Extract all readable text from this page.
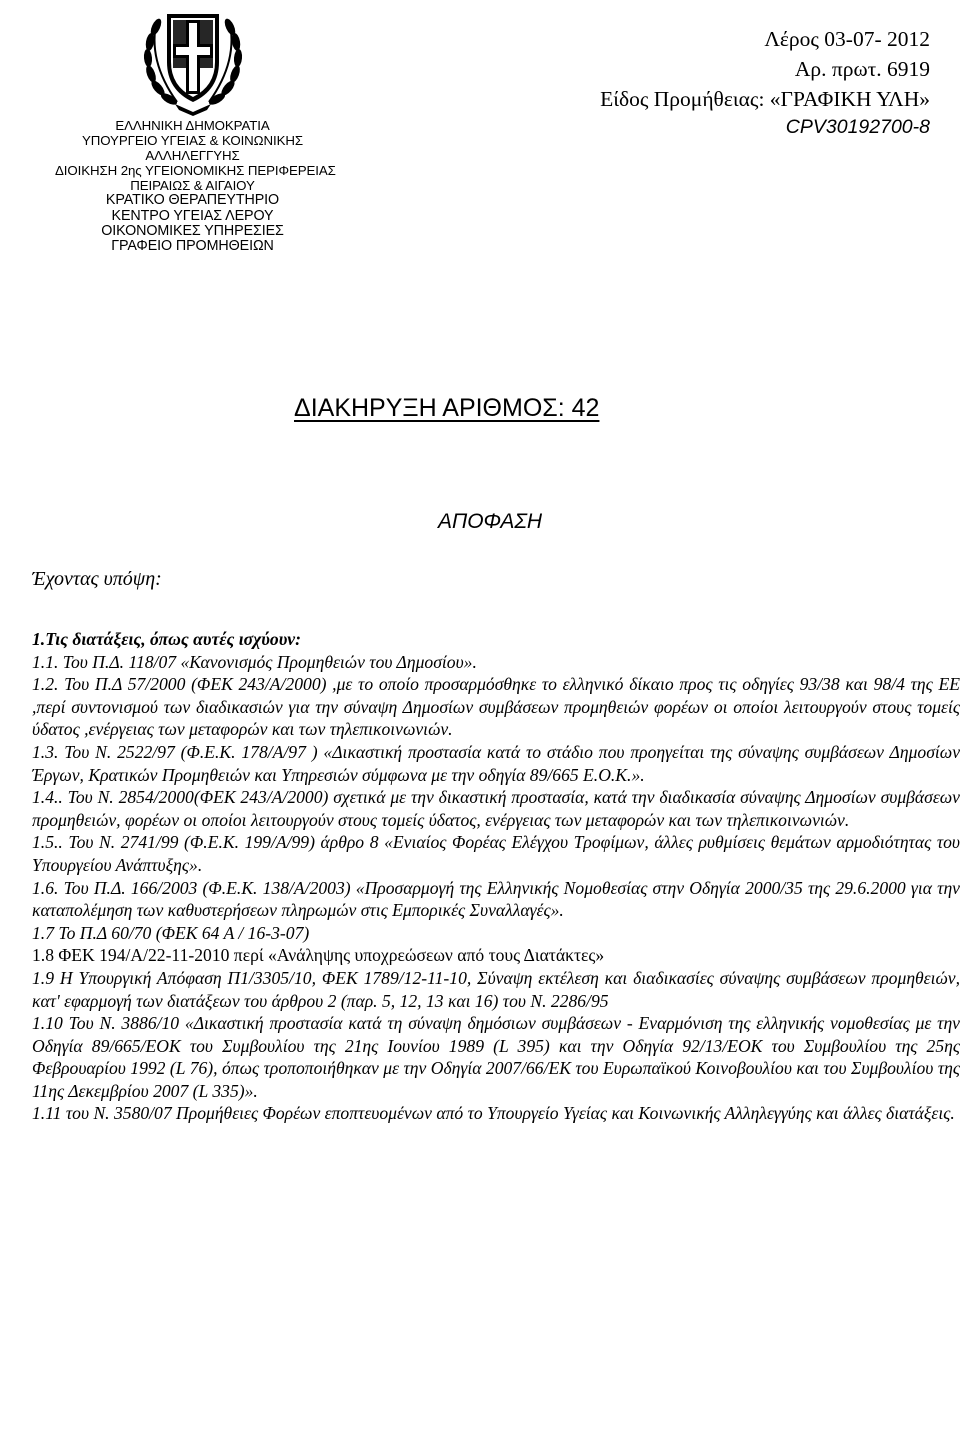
ΕΛΛΗΝΙΚΗ ΔΗΜΟΚΡΑΤΙΑ
ΥΠΟΥΡΓΕΙΟ ΥΓΕΙΑΣ & ΚΟΙΝΩΝΙΚΗΣ
ΑΛΛΗΛΕΓΓΥΗΣ
ΔΙΟΙΚΗΣΗ 2ης ΥΓΕΙΟΝΟΜΙΚΗΣ ΠΕΡΙΦΕΡΕΙΑΣ
ΠΕΙΡΑΙΩΣ & ΑΙΓΑΙΟΥ
ΚΡΑΤΙΚΟ ΘΕΡΑΠΕΥΤΗΡΙΟ
ΚΕΝΤΡΟ ΥΓΕΙΑΣ ΛΕΡΟΥ
ΟΙΚΟΝΟΜΙΚΕΣ ΥΠΗΡΕΣΙΕΣ
ΓΡΑΦΕΙΟ ΠΡΟΜΗΘΕΙΩΝ
Λέρος 03-07- 2012
Αρ. πρωτ. 6919
Είδος Προμήθειας: «ΓΡΑΦΙΚΗ ΥΛΗ»
CPV30192700-8
ΔΙΑΚΗΡΥΞΗ ΑΡΙΘΜΟΣ: 42
ΑΠΟΦΑΣΗ
Έχοντας υπόψη:

1.Τις διατάξεις, όπως αυτές ισχύουν:

1.1. Του Π.Δ. 118/07 «Κανονισμός Προμηθειών του Δημοσίου».

1.2. Του Π.Δ 57/2000 (ΦΕΚ 243/Α/2000) ,με το οποίο προσαρμόσθηκε το ελληνικό δίκαιο προς τις οδηγίες 93/38 και 98/4 της ΕΕ ,περί συντονισμού των διαδικασιών για την σύναψη Δημοσίων συμβάσεων προμηθειών φορέων οι οποίοι λειτουργούν στους τομείς ύδατος ,ενέργειας των μεταφορών και των τηλεπικοινωνιών.

1.3. Του Ν. 2522/97 (Φ.Ε.Κ. 178/Α/97 ) «Δικαστική προστασία κατά το στάδιο που προηγείται της σύναψης συμβάσεων Δημοσίων Έργων, Κρατικών Προμηθειών και Υπηρεσιών σύμφωνα με την οδηγία 89/665 Ε.Ο.Κ.».

1.4.. Του Ν. 2854/2000(ΦΕΚ 243/Α/2000) σχετικά με την δικαστική προστασία, κατά την διαδικασία σύναψης Δημοσίων συμβάσεων προμηθειών, φορέων οι οποίοι λειτουργούν στους τομείς ύδατος, ενέργειας των μεταφορών και των τηλεπικοινωνιών.

1.5.. Του Ν. 2741/99 (Φ.Ε.Κ. 199/Α/99) άρθρο 8 «Ενιαίος Φορέας Ελέγχου Τροφίμων, άλλες ρυθμίσεις θεμάτων αρμοδιότητας του Υπουργείου Ανάπτυξης».

1.6. Του Π.Δ. 166/2003 (Φ.Ε.Κ. 138/Α/2003) «Προσαρμογή της Ελληνικής Νομοθεσίας στην Οδηγία 2000/35 της 29.6.2000 για την καταπολέμηση των καθυστερήσεων πληρωμών στις Εμπορικές Συναλλαγές».

1.7 Το Π.Δ 60/70 (ΦΕΚ 64 Α / 16-3-07)

1.8 ΦΕΚ 194/Α/22-11-2010 περί «Ανάληψης υποχρεώσεων από τους Διατάκτες»

1.9 Η Υπουργική Απόφαση Π1/3305/10, ΦΕΚ 1789/12-11-10, Σύναψη εκτέλεση και διαδικασίες σύναψης συμβάσεων προμηθειών, κατ' εφαρμογή των διατάξεων του άρθρου 2 (παρ. 5, 12, 13 και 16) του Ν. 2286/95

1.10 Του Ν. 3886/10 «Δικαστική προστασία κατά τη σύναψη δημόσιων συμβάσεων - Εναρμόνιση της ελληνικής νομοθεσίας με την Οδηγία 89/665/ΕΟΚ του Συμβουλίου της 21ης Ιουνίου 1989 (L 395) και την Οδηγία 92/13/ΕΟΚ του Συμβουλίου της 25ης Φεβρουαρίου 1992 (L 76), όπως τροποποιήθηκαν με την Οδηγία 2007/66/ΕΚ του Ευρωπαϊκού Κοινοβουλίου και του Συμβουλίου της 11ης Δεκεμβρίου 2007 (L 335)».

1.11 του Ν. 3580/07 Προμήθειες Φορέων εποπτευομένων από το Υπουργείο Υγείας και Κοινωνικής Αλληλεγγύης και άλλες διατάξεις.
